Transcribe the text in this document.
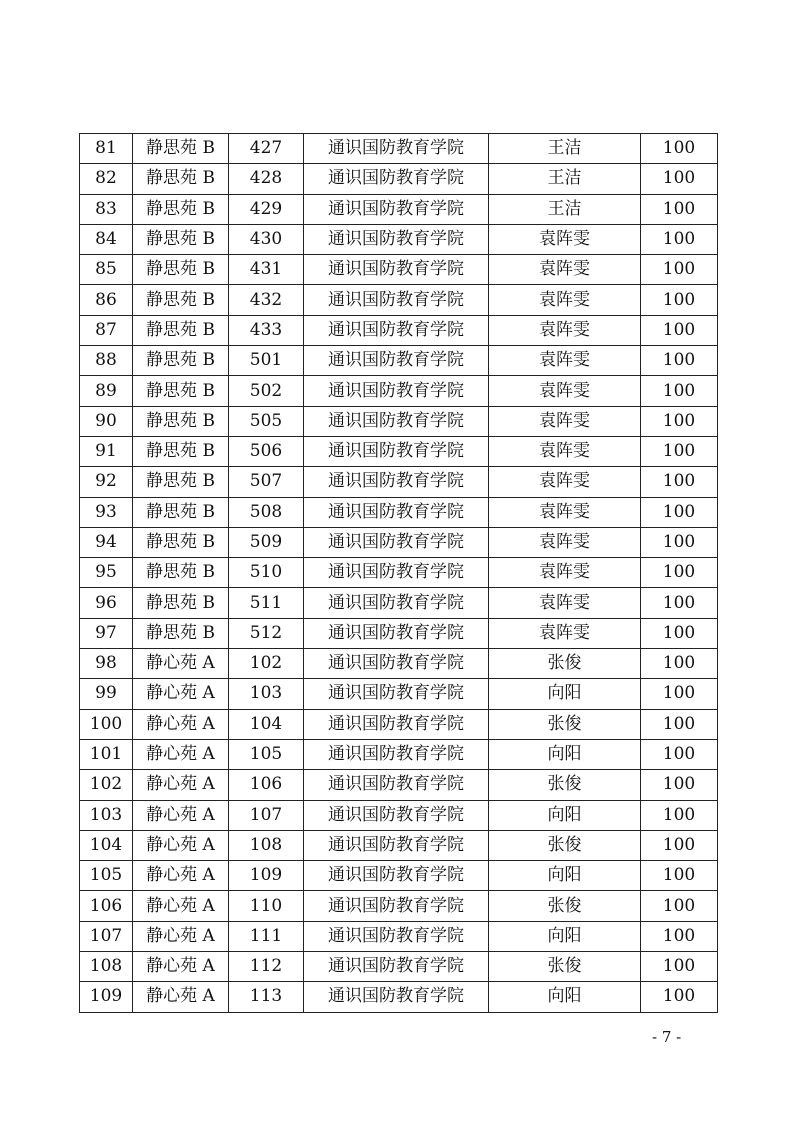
81	静思苑 B	427	通识国防教育学院	王洁	100
82	静思苑 B	428	通识国防教育学院	王洁	100
83	静思苑 B	429	通识国防教育学院	王洁	100
84	静思苑 B	430	通识国防教育学院	袁阵雯	100
85	静思苑 B	431	通识国防教育学院	袁阵雯	100
86	静思苑 B	432	通识国防教育学院	袁阵雯	100
87	静思苑 B	433	通识国防教育学院	袁阵雯	100
88	静思苑 B	501	通识国防教育学院	袁阵雯	100
89	静思苑 B	502	通识国防教育学院	袁阵雯	100
90	静思苑 B	505	通识国防教育学院	袁阵雯	100
91	静思苑 B	506	通识国防教育学院	袁阵雯	100
92	静思苑 B	507	通识国防教育学院	袁阵雯	100
93	静思苑 B	508	通识国防教育学院	袁阵雯	100
94	静思苑 B	509	通识国防教育学院	袁阵雯	100
95	静思苑 B	510	通识国防教育学院	袁阵雯	100
96	静思苑 B	511	通识国防教育学院	袁阵雯	100
97	静思苑 B	512	通识国防教育学院	袁阵雯	100
98	静心苑 A	102	通识国防教育学院	张俊	100
99	静心苑 A	103	通识国防教育学院	向阳	100
100	静心苑 A	104	通识国防教育学院	张俊	100
101	静心苑 A	105	通识国防教育学院	向阳	100
102	静心苑 A	106	通识国防教育学院	张俊	100
103	静心苑 A	107	通识国防教育学院	向阳	100
104	静心苑 A	108	通识国防教育学院	张俊	100
105	静心苑 A	109	通识国防教育学院	向阳	100
106	静心苑 A	110	通识国防教育学院	张俊	100
107	静心苑 A	111	通识国防教育学院	向阳	100
108	静心苑 A	112	通识国防教育学院	张俊	100
109	静心苑 A	113	通识国防教育学院	向阳	100
- 7 -
